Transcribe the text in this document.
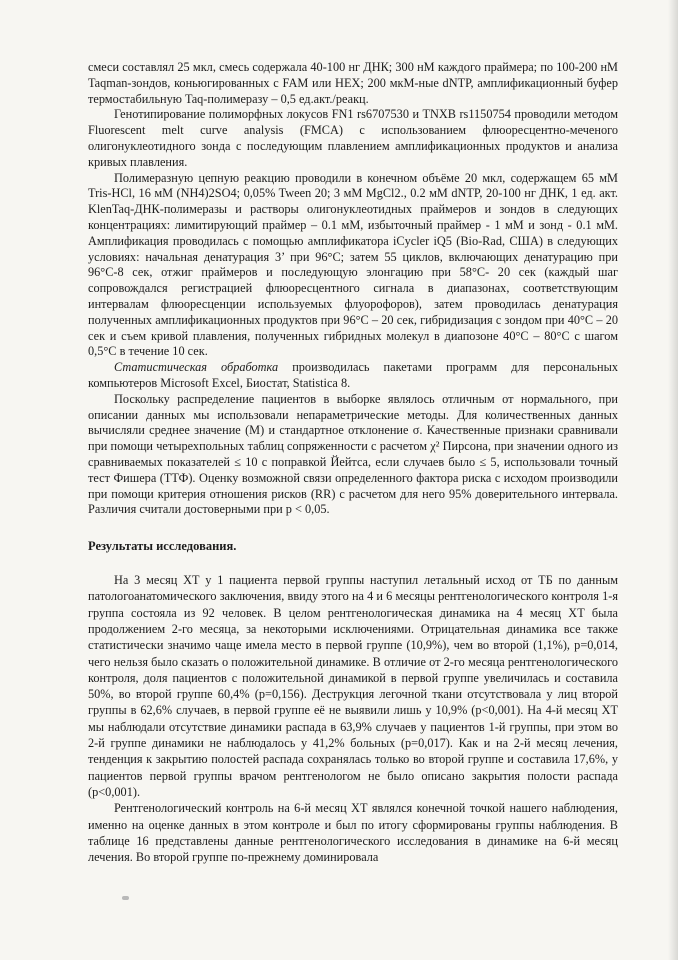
смеси составлял 25 мкл, смесь содержала 40-100 нг ДНК; 300 нМ каждого праймера; по 100-200 нМ Taqman-зондов, коньюгированных с FAM или HEX; 200 мкМ-ные dNTP, амплификационный буфер термостабильную Taq-полимеразу – 0,5 ед.акт./реакц.

Генотипирование полиморфных локусов FN1 rs6707530 и TNXB rs1150754 проводили методом Fluorescent melt curve analysis (FMCA) с использованием флюоресцентно-меченого олигонуклеотидного зонда с последующим плавлением амплификационных продуктов и анализа кривых плавления.

Полимеразную цепную реакцию проводили в конечном объёме 20 мкл, содержащем 65 мМ Tris-HCl, 16 мМ (NH4)2SO4; 0,05% Tween 20; 3 мМ MgCl2., 0.2 мМ dNTP, 20-100 нг ДНК, 1 ед. акт. KlenTaq-ДНК-полимеразы и растворы олигонуклеотидных праймеров и зондов в следующих концентрациях: лимитирующий праймер – 0.1 мМ, избыточный праймер - 1 мМ и зонд - 0.1 мМ. Амплификация проводилась с помощью амплификатора iCycler iQ5 (Bio-Rad, США) в следующих условиях: начальная денатурация 3’ при 96°С; затем 55 циклов, включающих денатурацию при 96°С-8 сек, отжиг праймеров и последующую элонгацию при 58°С- 20 сек (каждый шаг сопровождался регистрацией флюоресцентного сигнала в диапазонах, соответствующим интервалам флюоресценции используемых флуорофоров), затем проводилась денатурация полученных амплификационных продуктов при 96°С – 20 сек, гибридизация с зондом при 40°С – 20 сек и съем кривой плавления, полученных гибридных молекул в диапозоне 40°С – 80°С с шагом 0,5°С в течение 10 сек.

Статистическая обработка производилась пакетами программ для персональных компьютеров Microsoft Excel, Биостат, Statistica 8.

Поскольку распределение пациентов в выборке являлось отличным от нормального, при описании данных мы использовали непараметрические методы. Для количественных данных вычисляли среднее значение (M) и стандартное отклонение σ. Качественные признаки сравнивали при помощи четырехпольных таблиц сопряженности с расчетом χ² Пирсона, при значении одного из сравниваемых показателей ≤ 10 с поправкой Йейтса, если случаев было ≤ 5, использовали точный тест Фишера (ТТФ). Оценку возможной связи определенного фактора риска с исходом производили при помощи критерия отношения рисков (RR) с расчетом для него 95% доверительного интервала. Различия считали достоверными при p < 0,05.

Результаты исследования.

На 3 месяц ХТ у 1 пациента первой группы наступил летальный исход от ТБ по данным патологоанатомического заключения, ввиду этого на 4 и 6 месяцы рентгенологического контроля 1-я группа состояла из 92 человек. В целом рентгенологическая динамика на 4 месяц ХТ была продолжением 2-го месяца, за некоторыми исключениями. Отрицательная динамика все также статистически значимо чаще имела место в первой группе (10,9%), чем во второй (1,1%), p=0,014, чего нельзя было сказать о положительной динамике. В отличие от 2-го месяца рентгенологического контроля, доля пациентов с положительной динамикой в первой группе увеличилась и составила 50%, во второй группе 60,4% (p=0,156). Деструкция легочной ткани отсутствовала у лиц второй группы в 62,6% случаев, в первой группе её не выявили лишь у 10,9% (p<0,001). На 4-й месяц ХТ мы наблюдали отсутствие динамики распада в 63,9% случаев у пациентов 1-й группы, при этом во 2-й группе динамики не наблюдалось у 41,2% больных (p=0,017). Как и на 2-й месяц лечения, тенденция к закрытию полостей распада сохранялась только во второй группе и составила 17,6%, у пациентов первой группы врачом рентгенологом не было описано закрытия полости распада (p<0,001).

Рентгенологический контроль на 6-й месяц ХТ являлся конечной точкой нашего наблюдения, именно на оценке данных в этом контроле и был по итогу сформированы группы наблюдения. В таблице 16 представлены данные рентгенологического исследования в динамике на 6-й месяц лечения. Во второй группе по-прежнему доминировала
